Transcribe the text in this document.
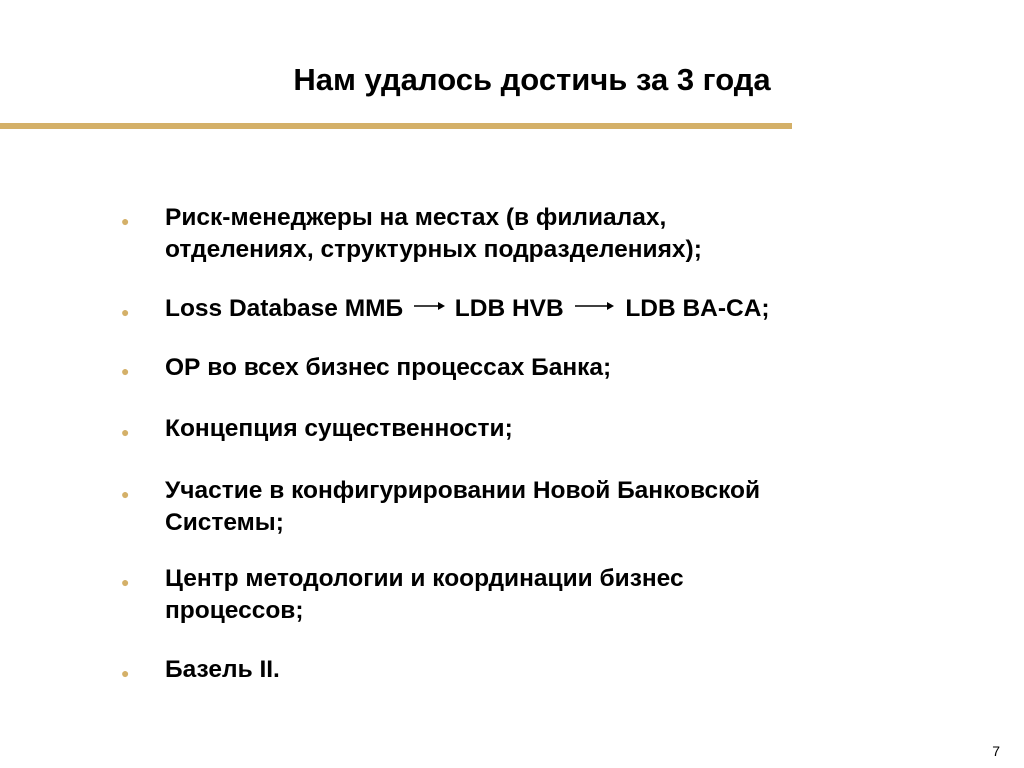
Нам удалось достичь за 3 года
● Риск-менеджеры на местах (в филиалах,
отделениях, структурных подразделениях);
● Loss Database ММБ LDB HVB	LDB BA-CA;
● ОР во всех бизнес процессах Банка;
● Концепция существенности;
● Участие в конфигурировании Новой Банковской
Системы;
● Центр методологии и координации бизнес
процессов;
● Базель II.
7
